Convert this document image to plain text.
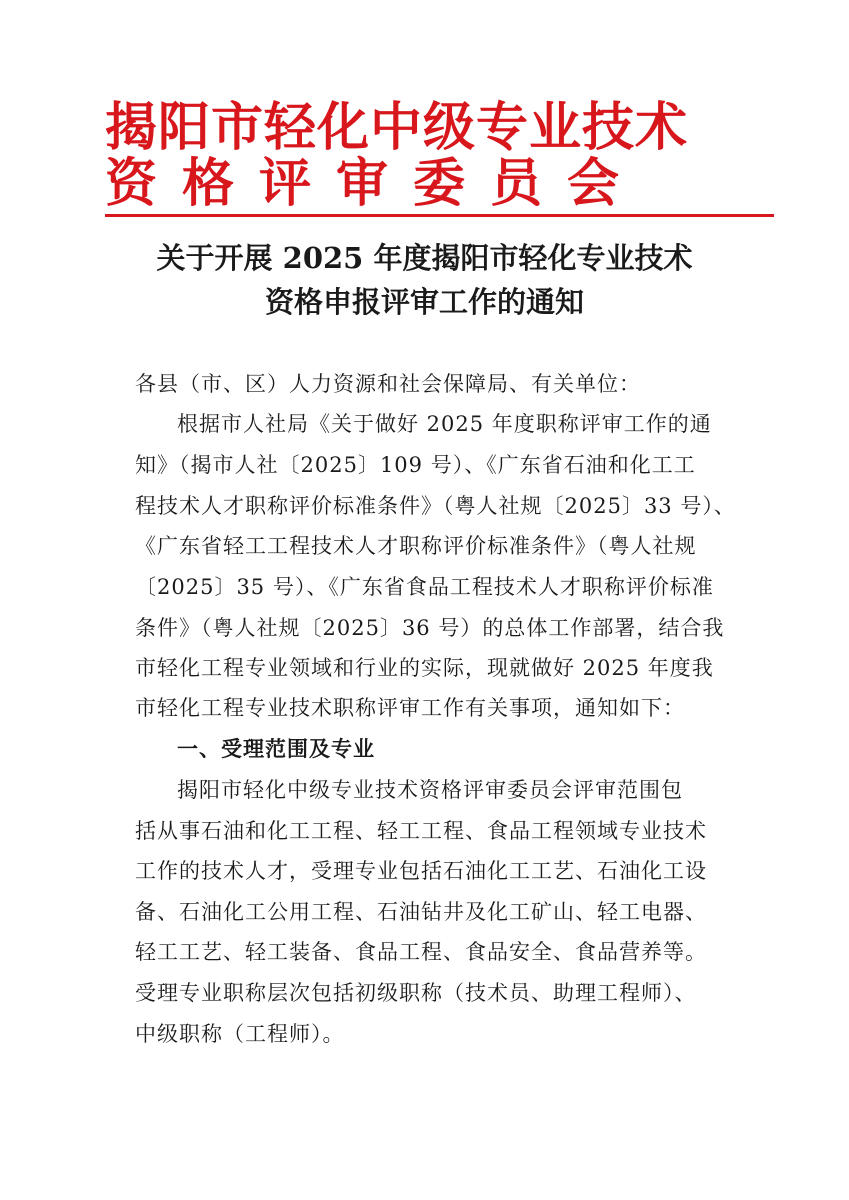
揭阳市轻化中级专业技术
资格评审委员会
关于开展 2025 年度揭阳市轻化专业技术
资格申报评审工作的通知
各县（市、区）人力资源和社会保障局、有关单位：
根据市人社局《关于做好 2025 年度职称评审工作的通
知》（揭市人社〔2025〕109 号）、《广东省石油和化工工
程技术人才职称评价标准条件》（粤人社规〔2025〕33 号）、
《广东省轻工工程技术人才职称评价标准条件》（粤人社规
〔2025〕35 号）、《广东省食品工程技术人才职称评价标准
条件》（粤人社规〔2025〕36 号）的总体工作部署，结合我
市轻化工程专业领域和行业的实际，现就做好 2025 年度我
市轻化工程专业技术职称评审工作有关事项，通知如下：
一、受理范围及专业
揭阳市轻化中级专业技术资格评审委员会评审范围包
括从事石油和化工工程、轻工工程、食品工程领域专业技术
工作的技术人才，受理专业包括石油化工工艺、石油化工设
备、石油化工公用工程、石油钻井及化工矿山、轻工电器、
轻工工艺、轻工装备、食品工程、食品安全、食品营养等。
受理专业职称层次包括初级职称（技术员、助理工程师）、
中级职称（工程师）。
